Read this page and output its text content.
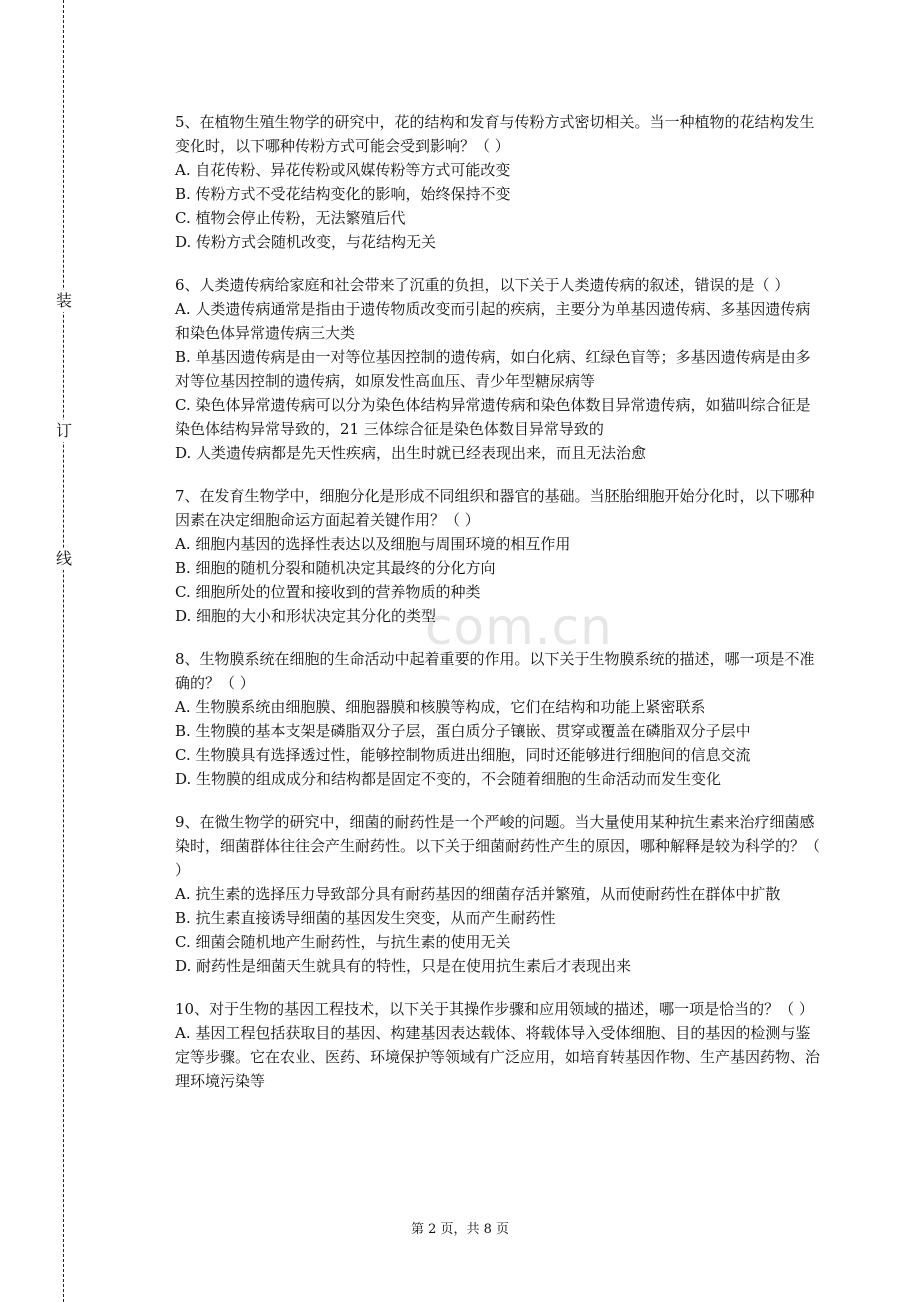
装
订
线
com.cn

5、在植物生殖生物学的研究中，花的结构和发育与传粉方式密切相关。当一种植物的花结构发生变化时，以下哪种传粉方式可能会受到影响？（ ）

A. 自花传粉、异花传粉或风媒传粉等方式可能改变
B. 传粉方式不受花结构变化的影响，始终保持不变
C. 植物会停止传粉，无法繁殖后代
D. 传粉方式会随机改变，与花结构无关

6、人类遗传病给家庭和社会带来了沉重的负担，以下关于人类遗传病的叙述，错误的是（ ）

A. 人类遗传病通常是指由于遗传物质改变而引起的疾病，主要分为单基因遗传病、多基因遗传病和染色体异常遗传病三大类
B. 单基因遗传病是由一对等位基因控制的遗传病，如白化病、红绿色盲等；多基因遗传病是由多对等位基因控制的遗传病，如原发性高血压、青少年型糖尿病等
C. 染色体异常遗传病可以分为染色体结构异常遗传病和染色体数目异常遗传病，如猫叫综合征是染色体结构异常导致的，21 三体综合征是染色体数目异常导致的
D. 人类遗传病都是先天性疾病，出生时就已经表现出来，而且无法治愈

7、在发育生物学中，细胞分化是形成不同组织和器官的基础。当胚胎细胞开始分化时，以下哪种因素在决定细胞命运方面起着关键作用？（ ）

A. 细胞内基因的选择性表达以及细胞与周围环境的相互作用
B. 细胞的随机分裂和随机决定其最终的分化方向
C. 细胞所处的位置和接收到的营养物质的种类
D. 细胞的大小和形状决定其分化的类型

8、生物膜系统在细胞的生命活动中起着重要的作用。以下关于生物膜系统的描述，哪一项是不准确的？（ ）

A. 生物膜系统由细胞膜、细胞器膜和核膜等构成，它们在结构和功能上紧密联系
B. 生物膜的基本支架是磷脂双分子层，蛋白质分子镶嵌、贯穿或覆盖在磷脂双分子层中
C. 生物膜具有选择透过性，能够控制物质进出细胞，同时还能够进行细胞间的信息交流
D. 生物膜的组成成分和结构都是固定不变的，不会随着细胞的生命活动而发生变化

9、在微生物学的研究中，细菌的耐药性是一个严峻的问题。当大量使用某种抗生素来治疗细菌感染时，细菌群体往往会产生耐药性。以下关于细菌耐药性产生的原因，哪种解释是较为科学的？（ ）

A. 抗生素的选择压力导致部分具有耐药基因的细菌存活并繁殖，从而使耐药性在群体中扩散
B. 抗生素直接诱导细菌的基因发生突变，从而产生耐药性
C. 细菌会随机地产生耐药性，与抗生素的使用无关
D. 耐药性是细菌天生就具有的特性，只是在使用抗生素后才表现出来

10、对于生物的基因工程技术，以下关于其操作步骤和应用领域的描述，哪一项是恰当的？（ ）

A. 基因工程包括获取目的基因、构建基因表达载体、将载体导入受体细胞、目的基因的检测与鉴定等步骤。它在农业、医药、环境保护等领域有广泛应用，如培育转基因作物、生产基因药物、治理环境污染等
第 2 页，共 8 页
